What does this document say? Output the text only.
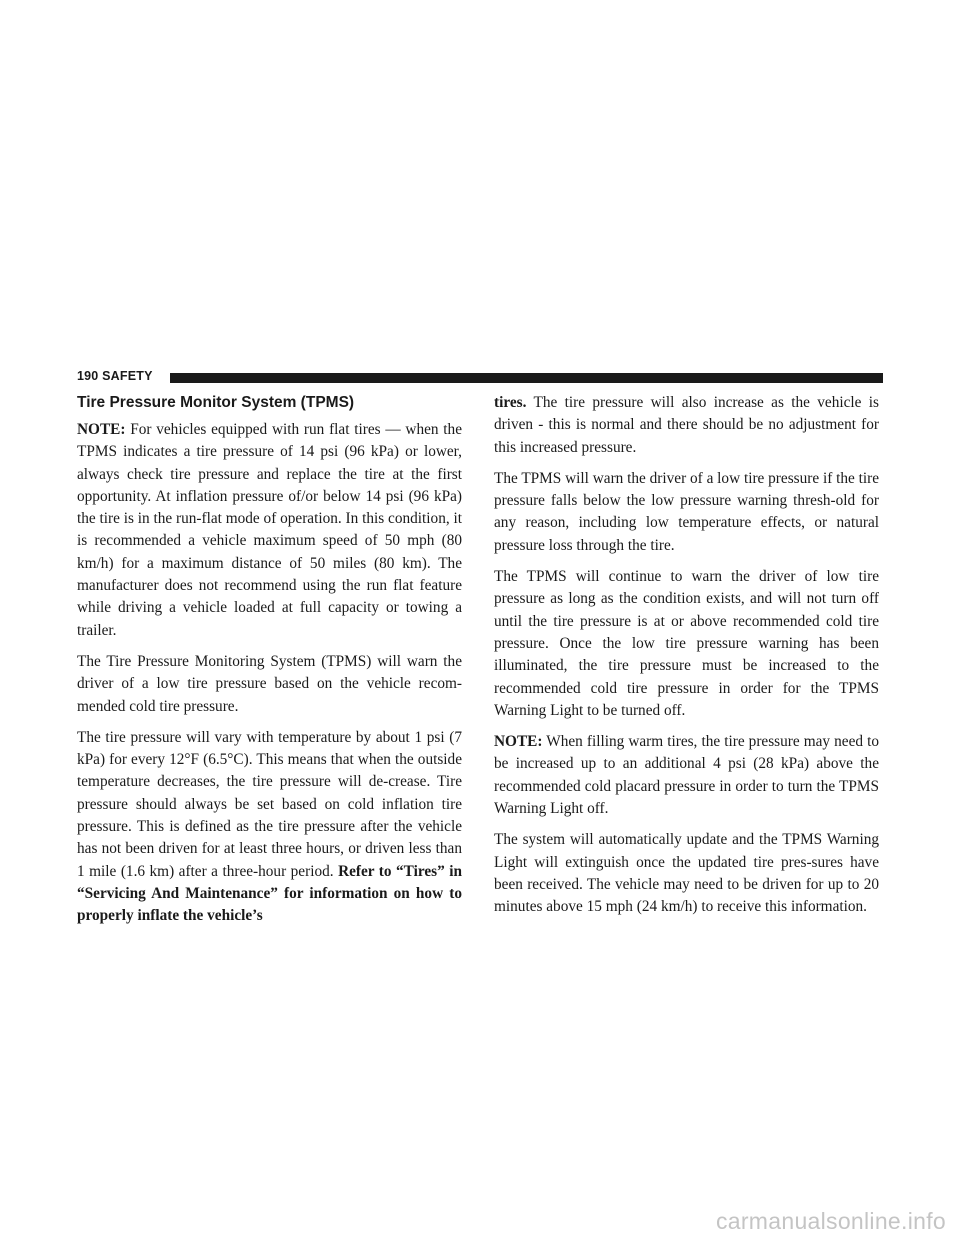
190 SAFETY
Tire Pressure Monitor System (TPMS)

NOTE: For vehicles equipped with run flat tires — when the TPMS indicates a tire pressure of 14 psi (96 kPa) or lower, always check tire pressure and replace the tire at the first opportunity. At inflation pressure of/or below 14 psi (96 kPa) the tire is in the run-flat mode of operation. In this condition, it is recommended a vehicle maximum speed of 50 mph (80 km/h) for a maximum distance of 50 miles (80 km). The manufacturer does not recommend using the run flat feature while driving a vehicle loaded at full capacity or towing a trailer.

The Tire Pressure Monitoring System (TPMS) will warn the driver of a low tire pressure based on the vehicle recom-mended cold tire pressure.

The tire pressure will vary with temperature by about 1 psi (7 kPa) for every 12°F (6.5°C). This means that when the outside temperature decreases, the tire pressure will de-crease. Tire pressure should always be set based on cold inflation tire pressure. This is defined as the tire pressure after the vehicle has not been driven for at least three hours, or driven less than 1 mile (1.6 km) after a three-hour period. Refer to “Tires” in “Servicing And Maintenance” for information on how to properly inflate the vehicle’s

tires. The tire pressure will also increase as the vehicle is driven - this is normal and there should be no adjustment for this increased pressure.

The TPMS will warn the driver of a low tire pressure if the tire pressure falls below the low pressure warning thresh-old for any reason, including low temperature effects, or natural pressure loss through the tire.

The TPMS will continue to warn the driver of low tire pressure as long as the condition exists, and will not turn off until the tire pressure is at or above recommended cold tire pressure. Once the low tire pressure warning has been illuminated, the tire pressure must be increased to the recommended cold tire pressure in order for the TPMS Warning Light to be turned off.

NOTE: When filling warm tires, the tire pressure may need to be increased up to an additional 4 psi (28 kPa) above the recommended cold placard pressure in order to turn the TPMS Warning Light off.

The system will automatically update and the TPMS Warning Light will extinguish once the updated tire pres-sures have been received. The vehicle may need to be driven for up to 20 minutes above 15 mph (24 km/h) to receive this information.

carmanualsonline.info
